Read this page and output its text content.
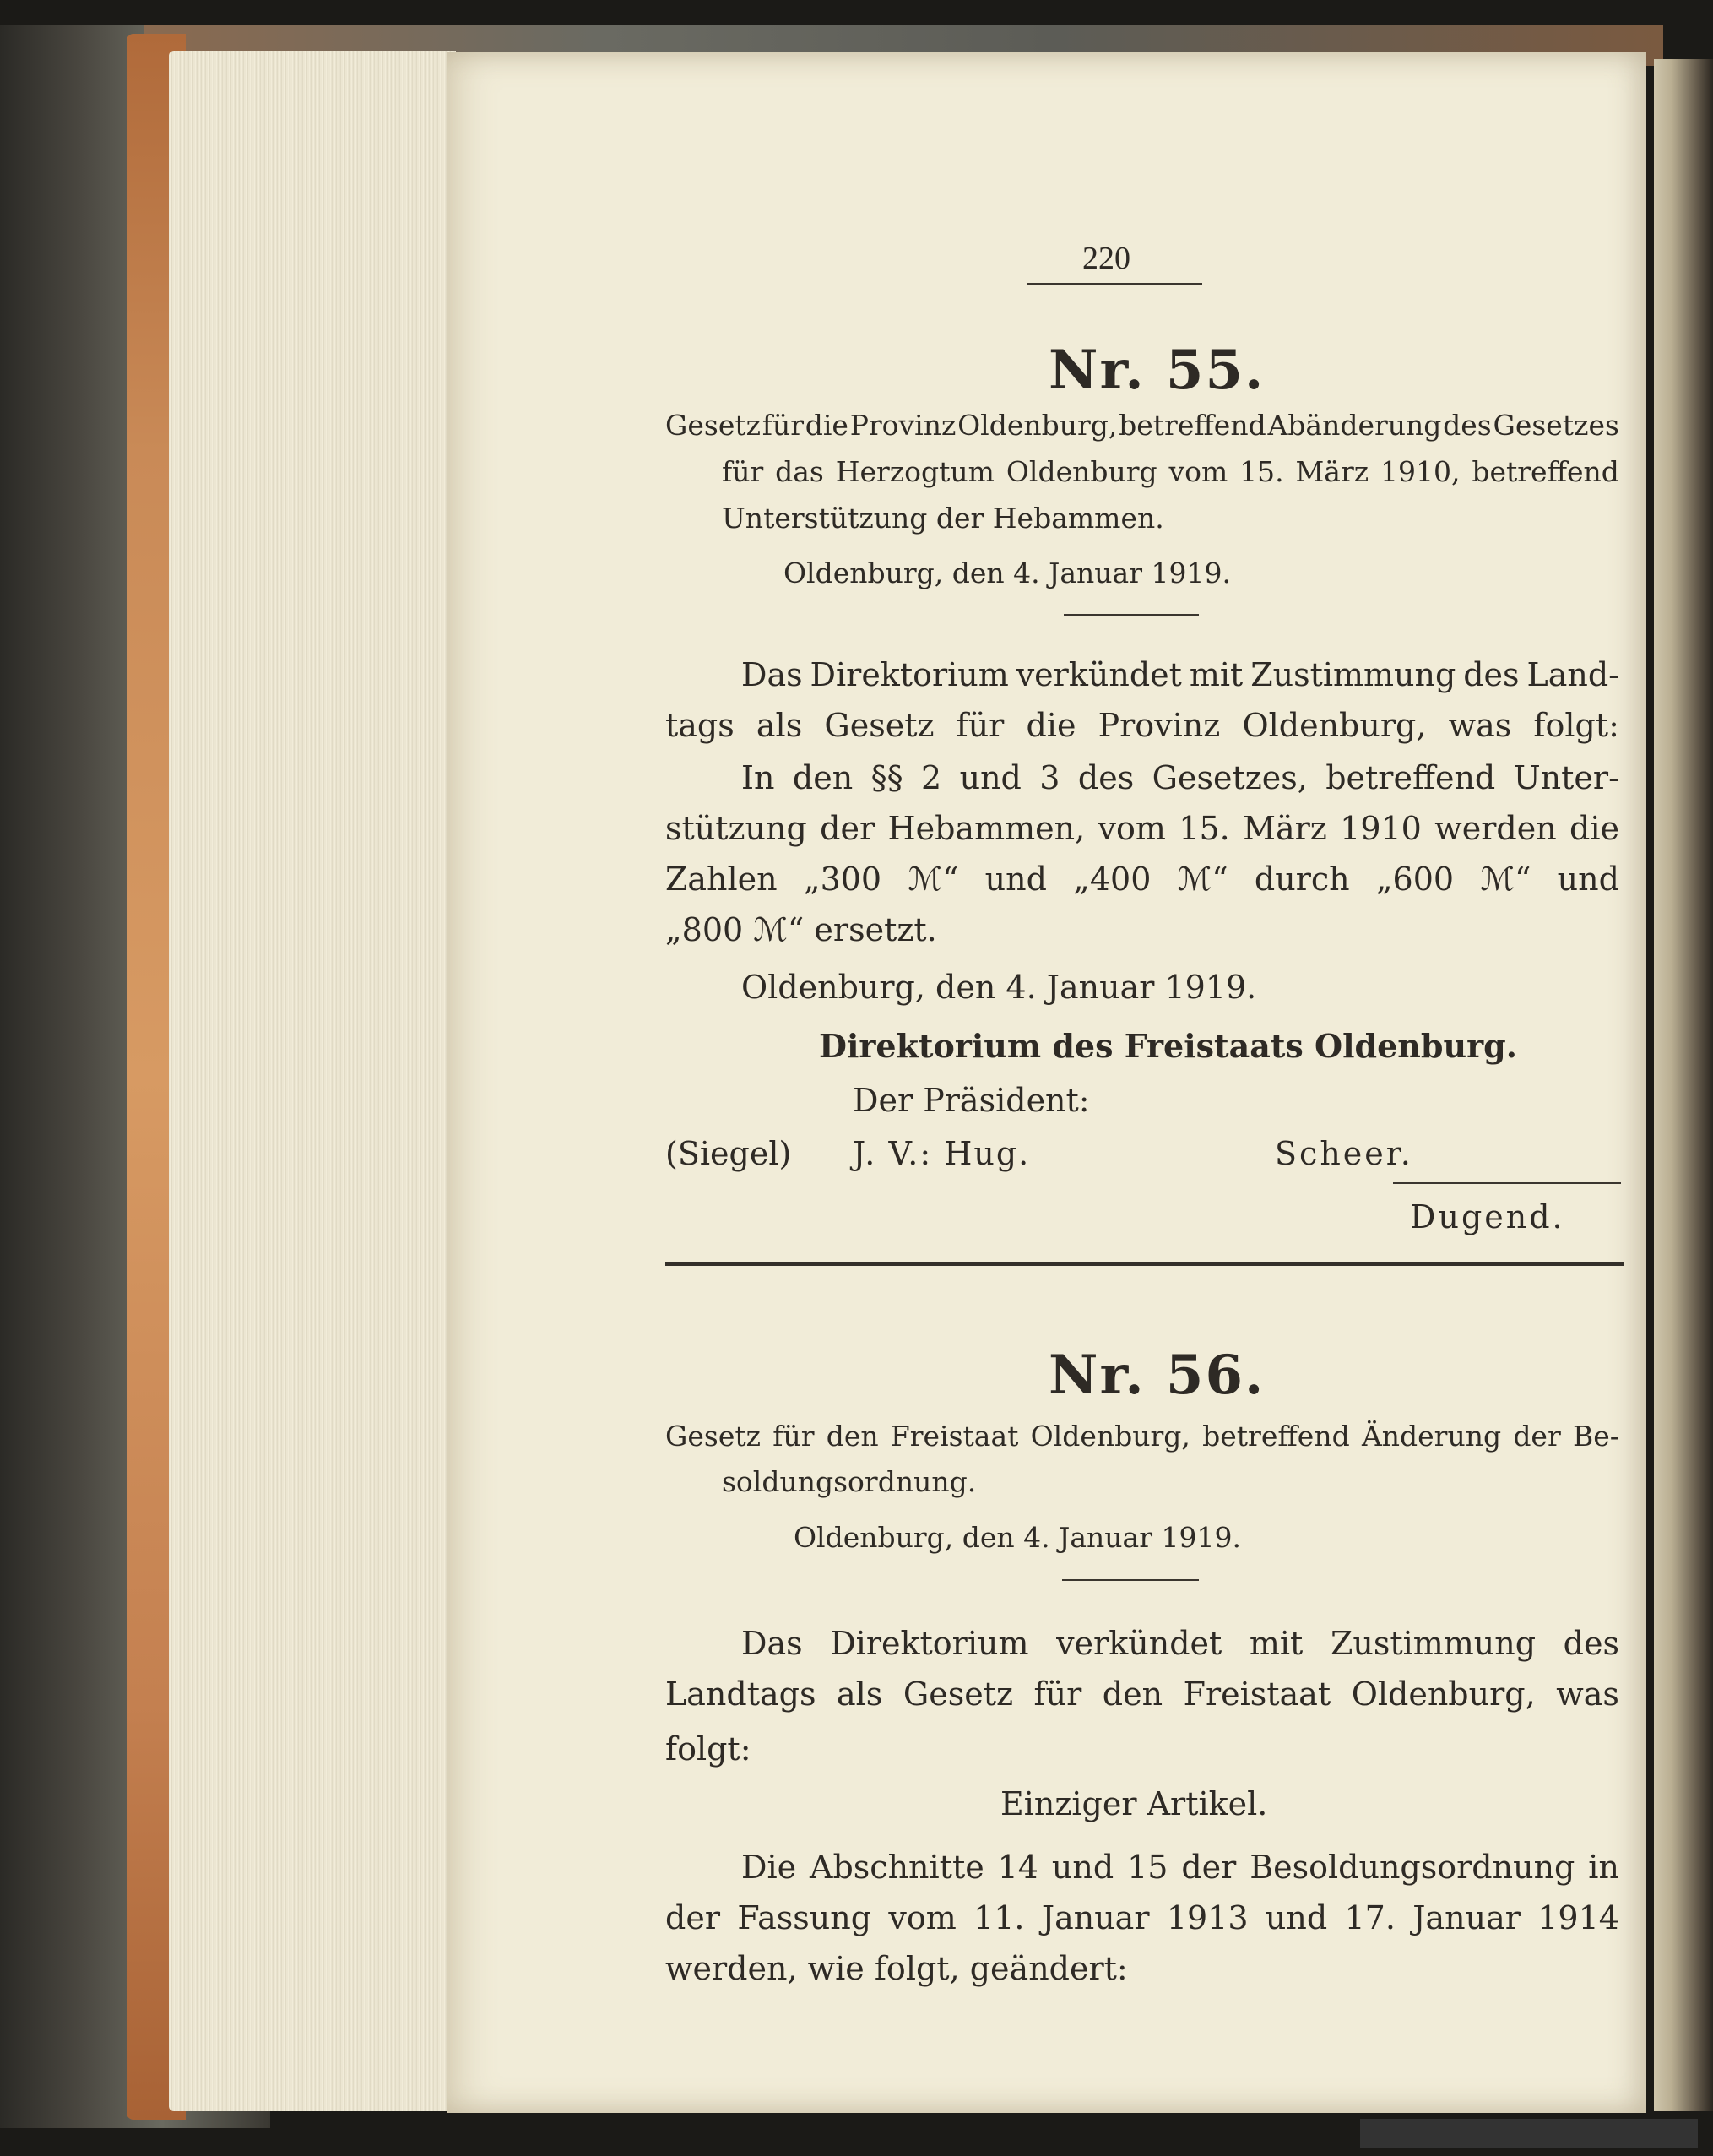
220
Nr. 55.
Gesetz für die Provinz Oldenburg, betreffend Abänderung des Gesetzes
für das Herzogtum Oldenburg vom 15. März 1910, betreffend
Unterstützung der Hebammen.
Oldenburg, den 4. Januar 1919.
Das Direktorium verkündet mit Zustimmung des Land-
tags als Gesetz für die Provinz Oldenburg, was folgt:
In den §§ 2 und 3 des Gesetzes, betreffend Unter-
stützung der Hebammen, vom 15. März 1910 werden die
Zahlen „300 ℳ“ und „400 ℳ“ durch „600 ℳ“ und
„800 ℳ“ ersetzt.
Oldenburg, den 4. Januar 1919.
Direktorium des Freistaats Oldenburg.
Der Präsident:
(Siegel) J. V.: Hug.	Scheer.
Dugend.
Nr. 56.
Gesetz für den Freistaat Oldenburg, betreffend Änderung der Be-
soldungsordnung.
Oldenburg, den 4. Januar 1919.
Das Direktorium verkündet mit Zustimmung des
Landtags als Gesetz für den Freistaat Oldenburg, was
folgt:
Einziger Artikel.
Die Abschnitte 14 und 15 der Besoldungsordnung in
der Fassung vom 11. Januar 1913 und 17. Januar 1914
werden, wie folgt, geändert:
